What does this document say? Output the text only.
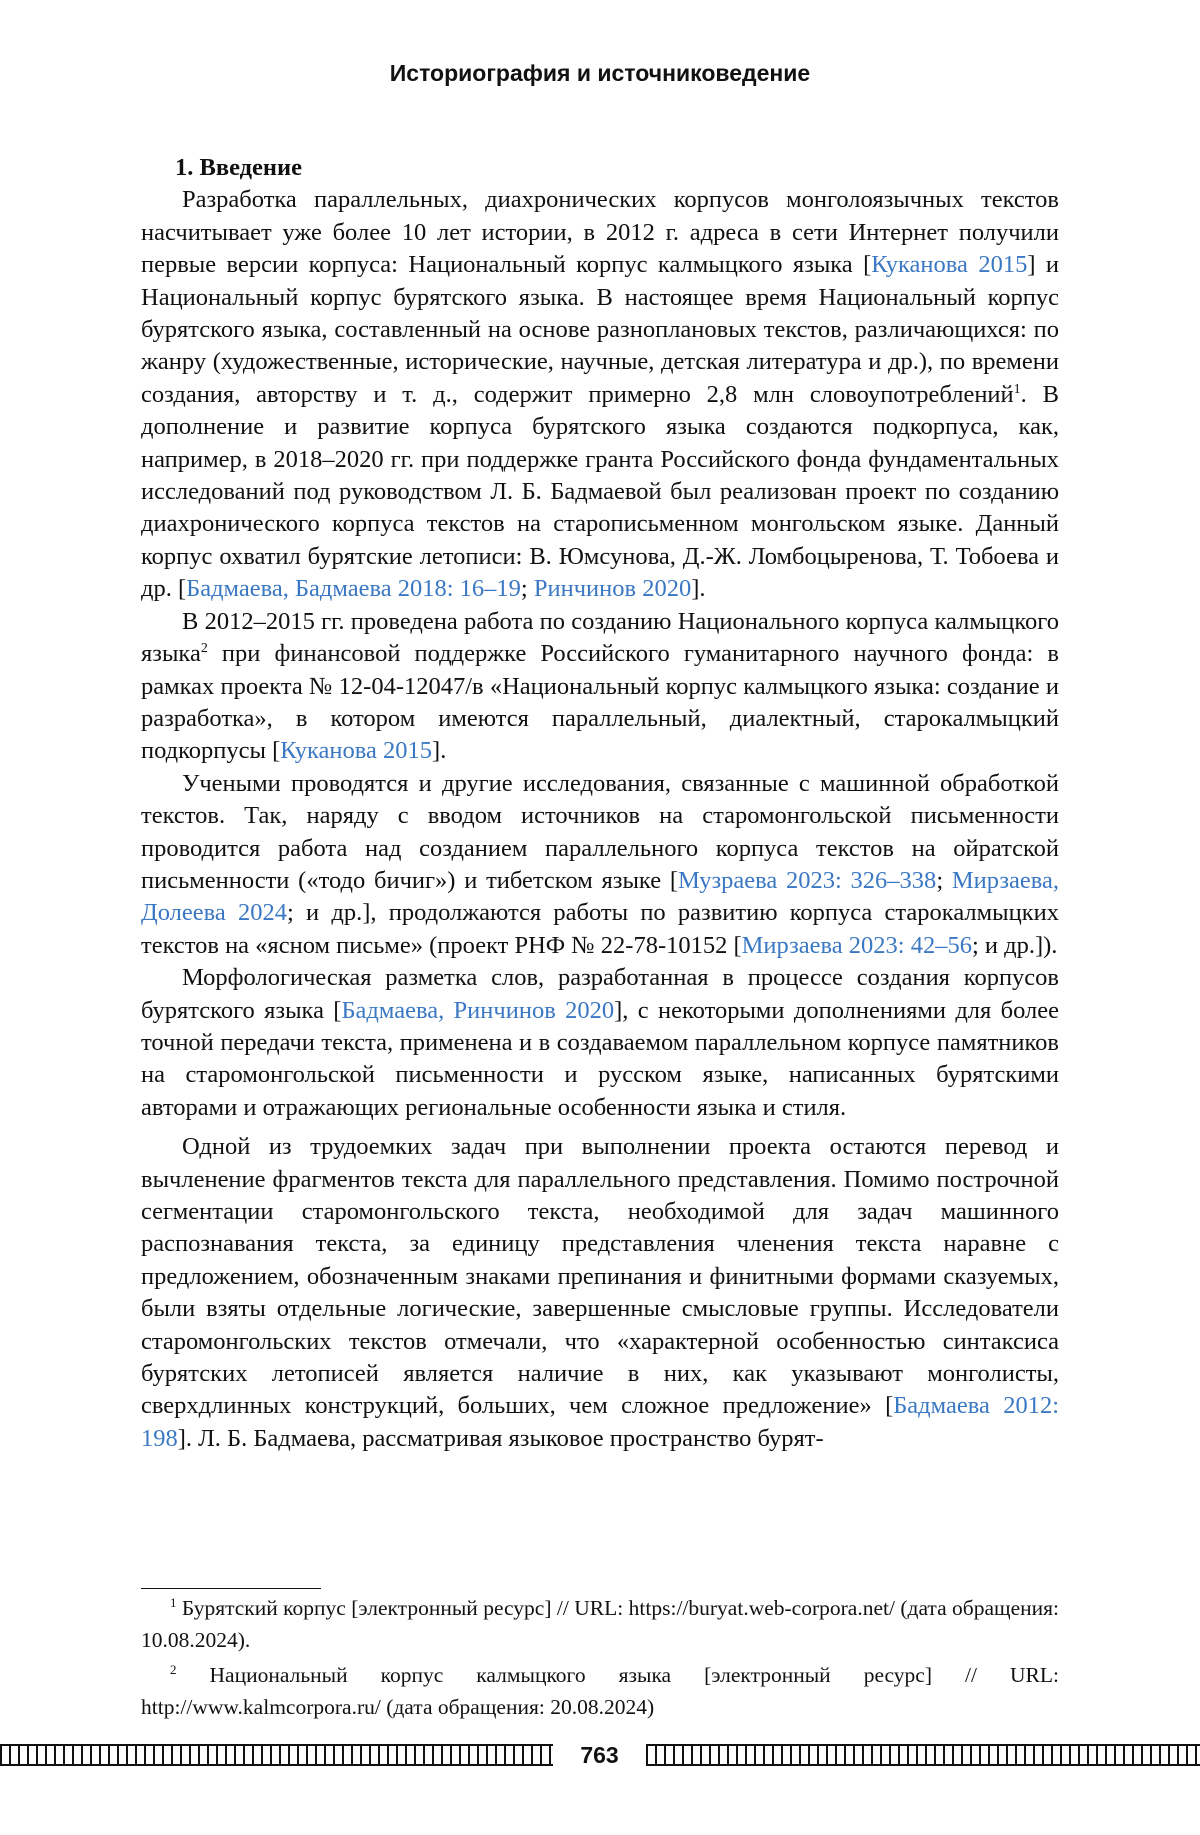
Историография и источниковедение
1. Введение

Разработка параллельных, диахронических корпусов монголоязычных текстов насчитывает уже более 10 лет истории, в 2012 г. адреса в сети Интернет получили первые версии корпуса: Национальный корпус калмыцкого языка [Куканова 2015] и Национальный корпус бурятского языка. В настоящее время Национальный корпус бурятского языка, составленный на основе разноплановых текстов, различающихся: по жанру (художественные, исторические, научные, детская литература и др.), по времени создания, авторству и т. д., содержит примерно 2,8 млн словоупотреблений$^1$. В дополнение и развитие корпуса бурятского языка создаются подкорпуса, как, например, в 2018–2020 гг. при поддержке гранта Российского фонда фундаментальных исследований под руководством Л. Б. Бадмаевой был реализован проект по созданию диахронического корпуса текстов на старописьменном монгольском языке. Данный корпус охватил бурятские летописи: В. Юмсунова, Д.-Ж. Ломбоцыренова, Т. Тобоева и др. [Бадмаева, Бадмаева 2018: 16–19; Ринчинов 2020].

В 2012–2015 гг. проведена работа по созданию Национального корпуса калмыцкого языка$^2$ при финансовой поддержке Российского гуманитарного научного фонда: в рамках проекта № 12-04-12047/в «Национальный корпус калмыцкого языка: создание и разработка», в котором имеются параллельный, диалектный, старокалмыцкий подкорпусы [Куканова 2015].

Учеными проводятся и другие исследования, связанные с машинной обработкой текстов. Так, наряду с вводом источников на старомонгольской письменности проводится работа над созданием параллельного корпуса текстов на ойратской письменности («тодо бичиг») и тибетском языке [Музраева 2023: 326–338; Мирзаева, Долеева 2024; и др.], продолжаются работы по развитию корпуса старокалмыцких текстов на «ясном письме» (проект РНФ № 22-78-10152 [Мирзаева 2023: 42–56; и др.]).

Морфологическая разметка слов, разработанная в процессе создания корпусов бурятского языка [Бадмаева, Ринчинов 2020], с некоторыми дополнениями для более точной передачи текста, применена и в создаваемом параллельном корпусе памятников на старомонгольской письменности и русском языке, написанных бурятскими авторами и отражающих региональные особенности языка и стиля.

Одной из трудоемких задач при выполнении проекта остаются перевод и вычленение фрагментов текста для параллельного представления. Помимо построчной сегментации старомонгольского текста, необходимой для задач машинного распознавания текста, за единицу представления членения текста наравне с предложением, обозначенным знаками препинания и финитными формами сказуемых, были взяты отдельные логические, завершенные смысловые группы. Исследователи старомонгольских текстов отмечали, что «характерной особенностью синтаксиса бурятских летописей является наличие в них, как указывают монголисты, сверхдлинных конструкций, больших, чем сложное предложение» [Бадмаева 2012: 198]. Л. Б. Бадмаева, рассматривая языковое пространство бурят-

$^1$ Бурятский корпус [электронный ресурс] // URL: https://buryat.web-corpora.net/ (дата обращения: 10.08.2024).

$^2$ Национальный корпус калмыцкого языка [электронный ресурс] // URL: http://www.kalmcorpora.ru/ (дата обращения: 20.08.2024)

763
